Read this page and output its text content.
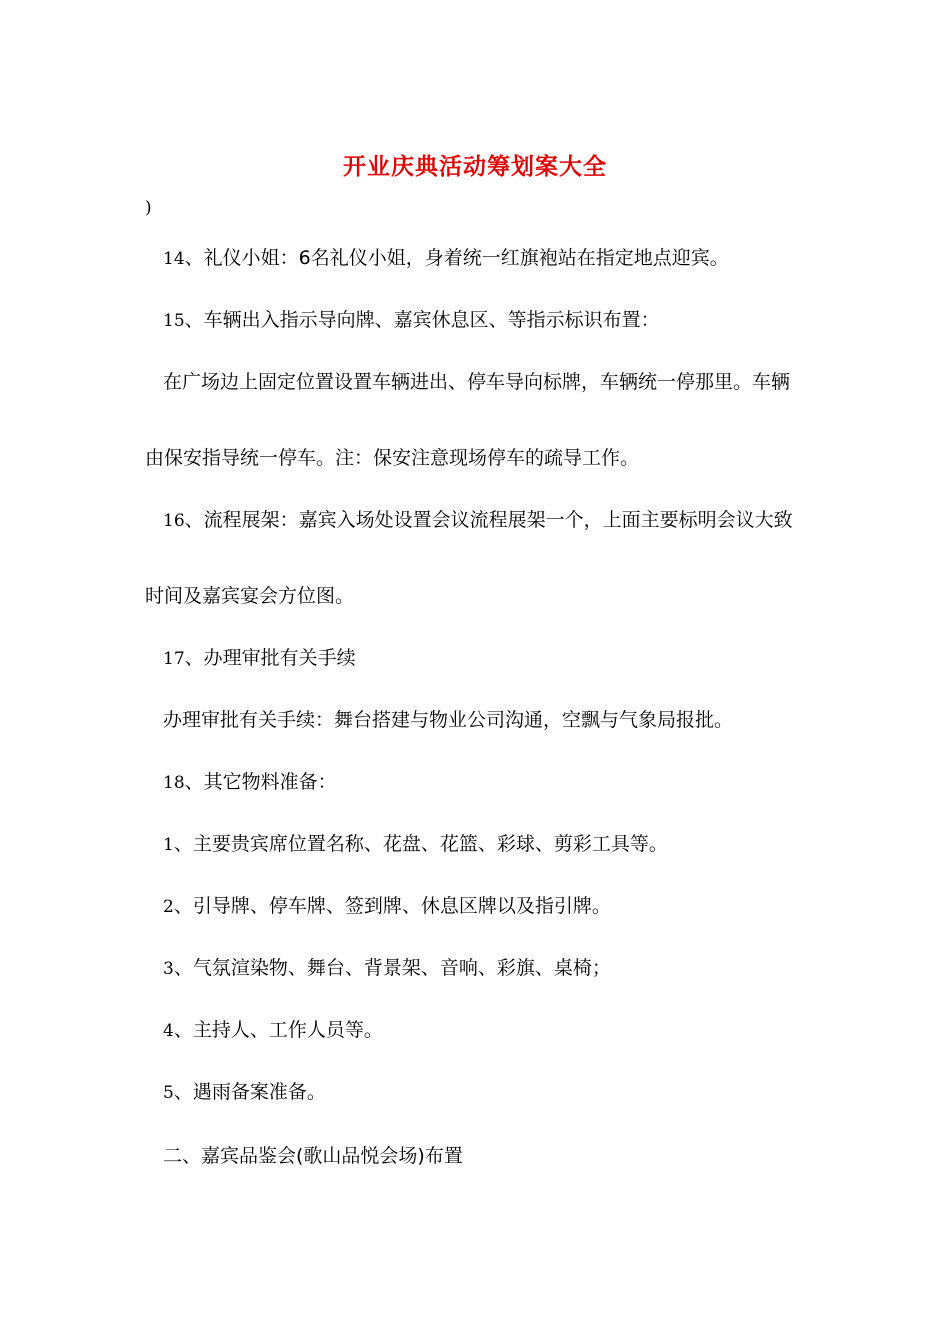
开业庆典活动筹划案大全
)
14、礼仪小姐：6名礼仪小姐，身着统一红旗袍站在指定地点迎宾。
15、车辆出入指示导向牌、嘉宾休息区、等指示标识布置：
在广场边上固定位置设置车辆进出、停车导向标牌，车辆统一停那里。车辆
由保安指导统一停车。注：保安注意现场停车的疏导工作。
16、流程展架：嘉宾入场处设置会议流程展架一个，上面主要标明会议大致
时间及嘉宾宴会方位图。
17、办理审批有关手续
办理审批有关手续：舞台搭建与物业公司沟通，空飘与气象局报批。
18、其它物料准备：
1、主要贵宾席位置名称、花盘、花篮、彩球、剪彩工具等。
2、引导牌、停车牌、签到牌、休息区牌以及指引牌。
3、气氛渲染物、舞台、背景架、音响、彩旗、桌椅；
4、主持人、工作人员等。
5、遇雨备案准备。
二、嘉宾品鉴会(歌山品悦会场)布置
